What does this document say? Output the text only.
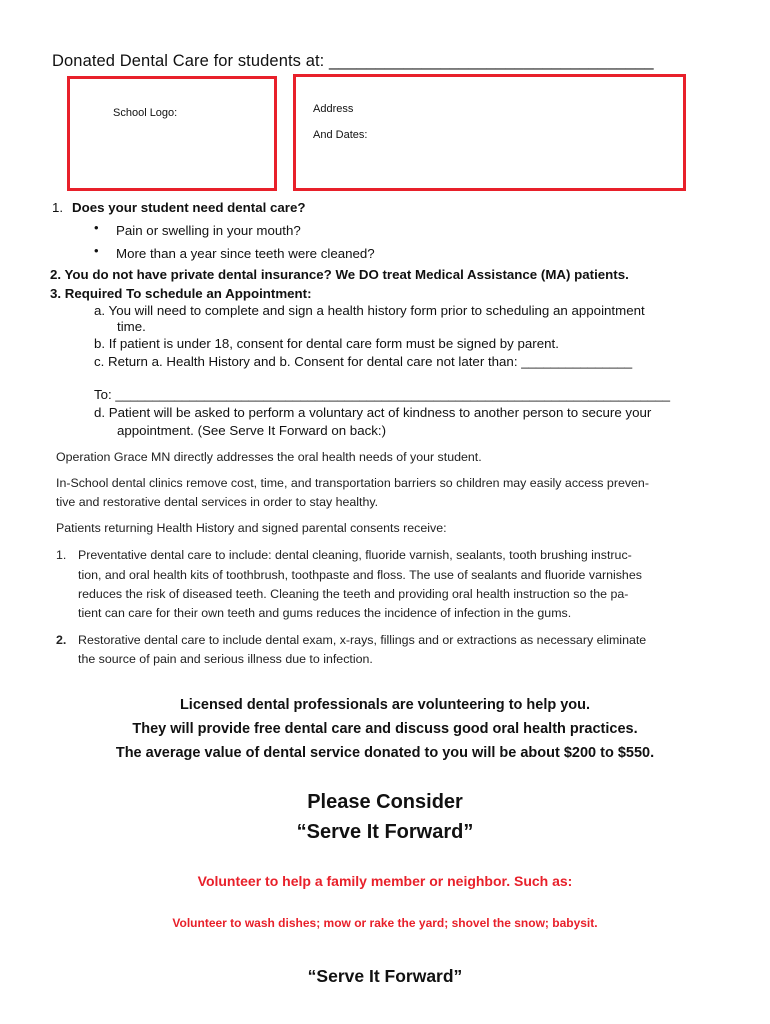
Donated Dental Care for students at: ___________________________________
School Logo:	Address
And Dates:
1. Does your student need dental care?
• Pain or swelling in your mouth?
• More than a year since teeth were cleaned?
2. You do not have private dental insurance? We DO treat Medical Assistance (MA) patients.
3. Required To schedule an Appointment:
a. You will need to complete and sign a health history form prior to scheduling an appointment
time.
b. If patient is under 18, consent for dental care form must be signed by parent.
c. Return a. Health History and b. Consent for dental care not later than: _______________
To: ___________________________________________________________________________
d. Patient will be asked to perform a voluntary act of kindness to another person to secure your
appointment. (See Serve It Forward on back:)
Operation Grace MN directly addresses the oral health needs of your student.
In-School dental clinics remove cost, time, and transportation barriers so children may easily access preven-
tive and restorative dental services in order to stay healthy.
Patients returning Health History and signed parental consents receive:
1. Preventative dental care to include: dental cleaning, fluoride varnish, sealants, tooth brushing instruc-
tion, and oral health kits of toothbrush, toothpaste and floss. The use of sealants and fluoride varnishes
reduces the risk of diseased teeth. Cleaning the teeth and providing oral health instruction so the pa-
tient can care for their own teeth and gums reduces the incidence of infection in the gums.
2. Restorative dental care to include dental exam, x-rays, fillings and or extractions as necessary eliminate
the source of pain and serious illness due to infection.
Licensed dental professionals are volunteering to help you.
They will provide free dental care and discuss good oral health practices.
The average value of dental service donated to you will be about $200 to $550.
Please Consider
“Serve It Forward”
Volunteer to help a family member or neighbor. Such as:
Volunteer to wash dishes; mow or rake the yard; shovel the snow; babysit.
“Serve It Forward”
